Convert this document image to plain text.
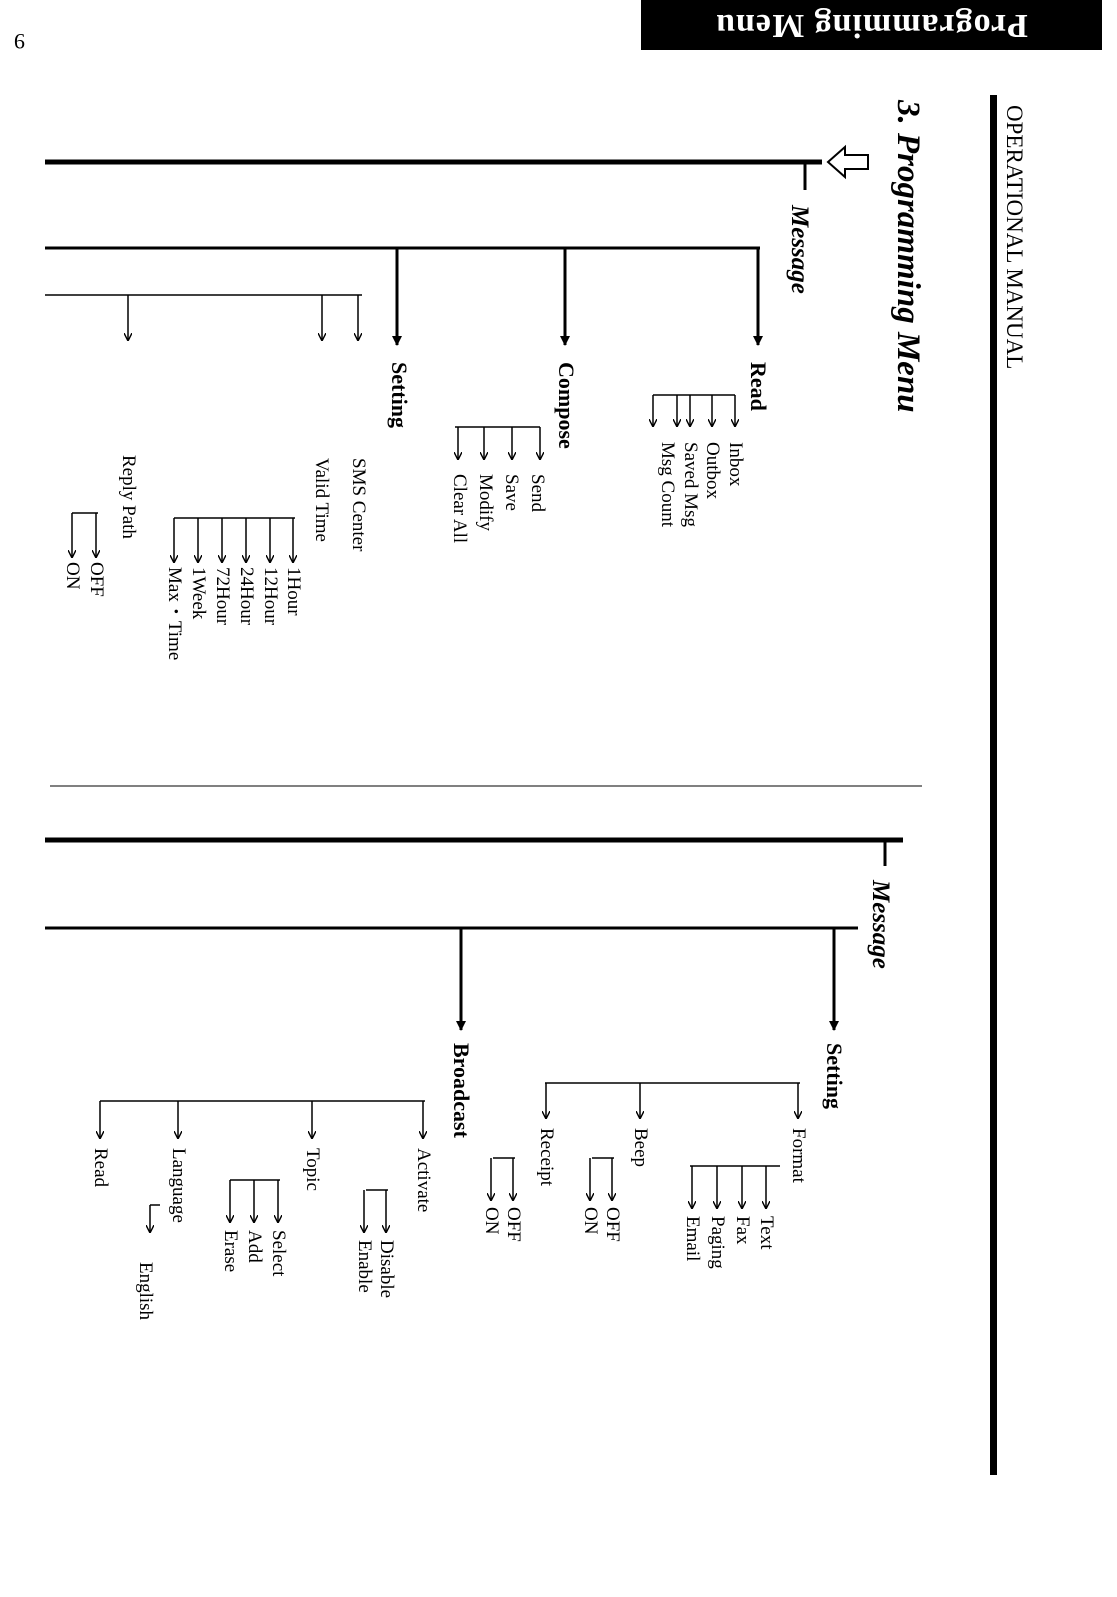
Programming Menu
9
OPERATIONAL MANUAL
3. Programming Menu
Message
Read
Inbox
Outbox
Saved Msg
Msg Count
Compose
Send
Save
Modify
Clear All
Setting
SMS Center
Valid Time
1Hour
12Hour
24Hour
72Hour
1Week
Max・Time
Reply Path
OFF
ON
Message
Setting
Format
Text
Fax
Paging
Email
Beep
OFF
ON
Receipt
OFF
ON
Broadcast
Activate
Disable
Enable
Topic
Select
Add
Erase
Language
English
Read
